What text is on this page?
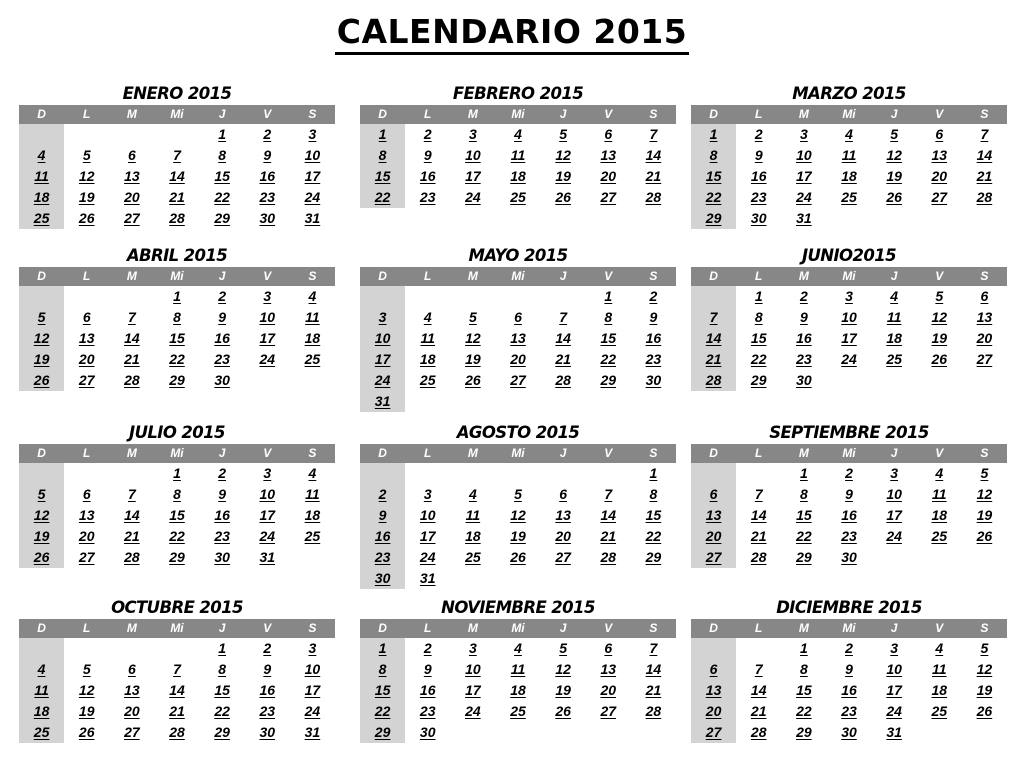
CALENDARIO 2015
ENERO 2015
D	L	M	Mi	J	V	S
				1	2	3
4	5	6	7	8	9	10
11	12	13	14	15	16	17
18	19	20	21	22	23	24
25	26	27	28	29	30	31
FEBRERO 2015
D	L	M	Mi	J	V	S
1	2	3	4	5	6	7
8	9	10	11	12	13	14
15	16	17	18	19	20	21
22	23	24	25	26	27	28
MARZO 2015
D	L	M	Mi	J	V	S
1	2	3	4	5	6	7
8	9	10	11	12	13	14
15	16	17	18	19	20	21
22	23	24	25	26	27	28
29	30	31				
ABRIL 2015
D	L	M	Mi	J	V	S
			1	2	3	4
5	6	7	8	9	10	11
12	13	14	15	16	17	18
19	20	21	22	23	24	25
26	27	28	29	30		
MAYO 2015
D	L	M	Mi	J	V	S
					1	2
3	4	5	6	7	8	9
10	11	12	13	14	15	16
17	18	19	20	21	22	23
24	25	26	27	28	29	30
31						
JUNIO2015
D	L	M	Mi	J	V	S
	1	2	3	4	5	6
7	8	9	10	11	12	13
14	15	16	17	18	19	20
21	22	23	24	25	26	27
28	29	30				
JULIO 2015
D	L	M	Mi	J	V	S
			1	2	3	4
5	6	7	8	9	10	11
12	13	14	15	16	17	18
19	20	21	22	23	24	25
26	27	28	29	30	31	
AGOSTO 2015
D	L	M	Mi	J	V	S
						1
2	3	4	5	6	7	8
9	10	11	12	13	14	15
16	17	18	19	20	21	22
23	24	25	26	27	28	29
30	31					
SEPTIEMBRE 2015
D	L	M	Mi	J	V	S
		1	2	3	4	5
6	7	8	9	10	11	12
13	14	15	16	17	18	19
20	21	22	23	24	25	26
27	28	29	30			
OCTUBRE 2015
D	L	M	Mi	J	V	S
				1	2	3
4	5	6	7	8	9	10
11	12	13	14	15	16	17
18	19	20	21	22	23	24
25	26	27	28	29	30	31
NOVIEMBRE 2015
D	L	M	Mi	J	V	S
1	2	3	4	5	6	7
8	9	10	11	12	13	14
15	16	17	18	19	20	21
22	23	24	25	26	27	28
29	30					
DICIEMBRE 2015
D	L	M	Mi	J	V	S
		1	2	3	4	5
6	7	8	9	10	11	12
13	14	15	16	17	18	19
20	21	22	23	24	25	26
27	28	29	30	31		
